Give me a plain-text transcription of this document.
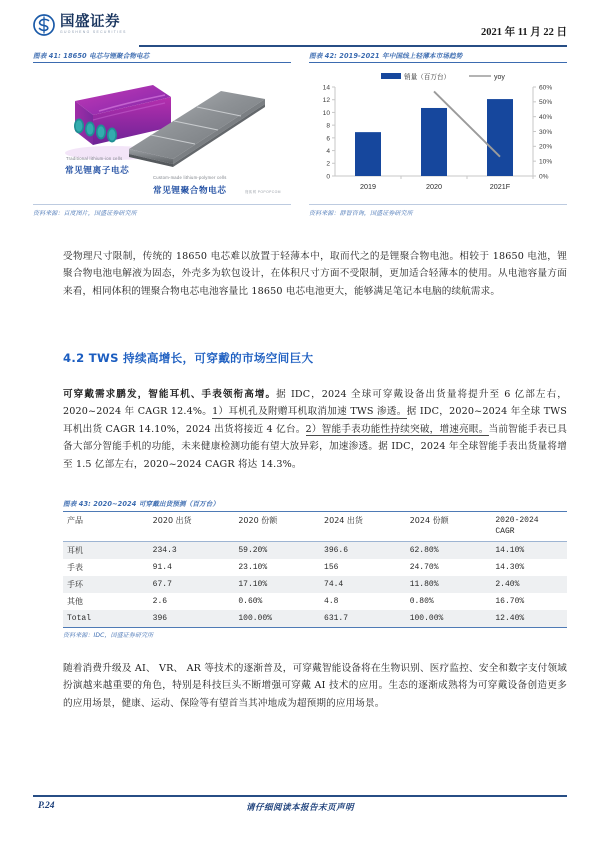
国盛证券
GUOSHENG SECURITIES	2021 年 11 月 22 日
图表 41: 18650 电芯与锂聚合物电芯
Traditional lithium-ion cells
常见锂离子电芯
Custom-made lithium-polymer cells
常见锂聚合物电芯	搜狐网 POPOPCOM
资料来源：百度图片，国盛证券研究所
图表 42: 2019-2021 年中国线上轻薄本市场趋势
销量（百万台）	yoy
0
2
4
6
8
10
12
14
0%
10%
20%
30%
40%
50%
60%
2019	2020	2021F
资料来源：群智咨询，国盛证券研究所
受物理尺寸限制，传统的 18650 电芯难以放置于轻薄本中，取而代之的是锂聚合物电池。相较于 18650 电池，锂聚合物电池电解液为固态，外壳多为软包设计，在体积尺寸方面不受限制，更加适合轻薄本的使用。从电池容量方面来看，相同体积的锂聚合物电芯电池容量比 18650 电芯电池更大，能够满足笔记本电脑的续航需求。
4.2 TWS 持续高增长，可穿戴的市场空间巨大
可穿戴需求鹏发，智能耳机、手表领衔高增。据 IDC，2024 全球可穿戴设备出货量将提升至 6 亿部左右，2020~2024 年 CAGR 12.4%。1）耳机孔及附赠耳机取消加速 TWS 渗透。据 IDC，2020~2024 年全球 TWS 耳机出货 CAGR 14.10%，2024 出货将接近 4 亿台。2）智能手表功能性持续突破，增速亮眼。当前智能手表已具备大部分智能手机的功能，未来健康检测功能有望大放异彩，加速渗透。据 IDC，2024 年全球智能手表出货量将增至 1.5 亿部左右，2020~2024 CAGR 将达 14.3%。
图表 43: 2020~2024 可穿戴出货预测（百万台）
产品	2020 出货	2020 份额	2024 出货	2024 份额	2020-2024
CAGR
耳机	234.3	59.20%	396.6	62.80%	14.10%
手表	91.4	23.10%	156	24.70%	14.30%
手环	67.7	17.10%	74.4	11.80%	2.40%
其他	2.6	0.60%	4.8	0.80%	16.70%
Total	396	100.00%	631.7	100.00%	12.40%
资料来源：IDC，国盛证券研究所
随着消费升级及 AI、 VR、 AR 等技术的逐渐普及，可穿戴智能设备将在生物识别、医疗监控、安全和数字支付领域扮演越来越重要的角色，特别是科技巨头不断增强可穿戴 AI 技术的应用。生态的逐渐成熟将为可穿戴设备创造更多的应用场景，健康、运动、保险等有望首当其冲地成为超预期的应用场景。
P.24	请仔细阅读本报告末页声明
